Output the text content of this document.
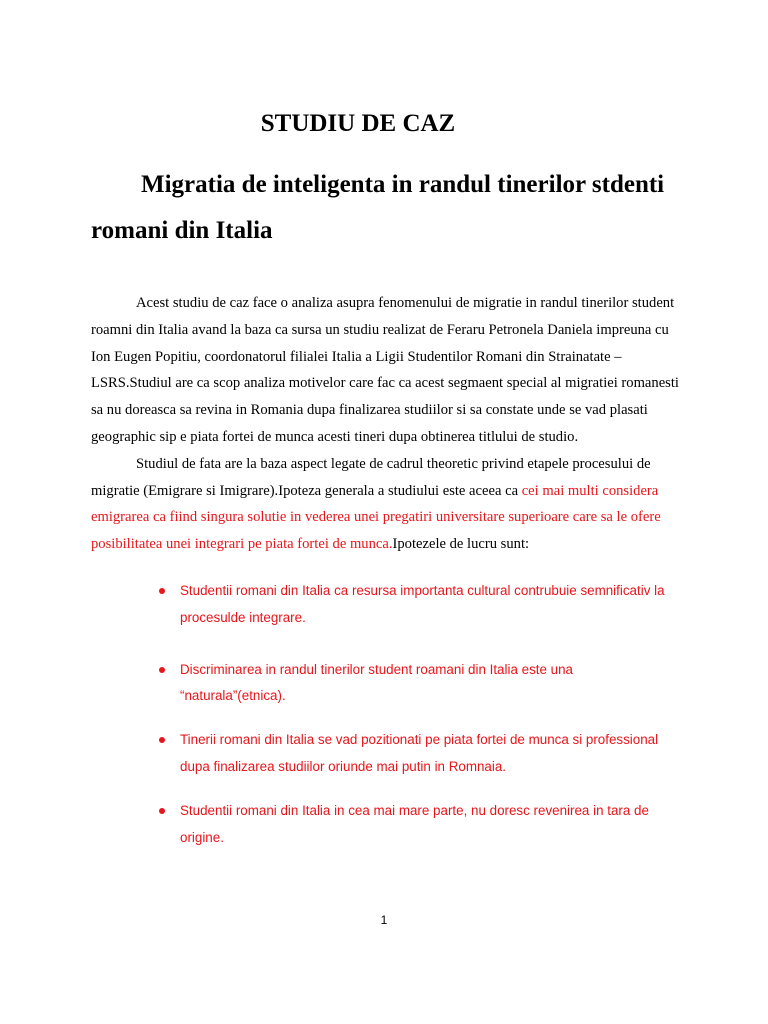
STUDIU DE CAZ
Migratia de inteligenta in randul tinerilor stdenti
romani din Italia

Acest studiu de caz face o analiza asupra fenomenului de migratie in randul tinerilor student roamni din Italia avand la baza ca sursa un studiu realizat de Feraru Petronela Daniela impreuna cu Ion Eugen Popitiu, coordonatorul filialei Italia a Ligii Studentilor Romani din Strainatate –LSRS.Studiul are ca scop analiza motivelor care fac ca acest segmaent special al migratiei romanesti sa nu doreasca sa revina in Romania dupa finalizarea studiilor si sa constate unde se vad plasati geographic sip e piata fortei de munca acesti tineri dupa obtinerea titlului de studio.

Studiul de fata are la baza aspect legate de cadrul theoretic privind etapele procesului de migratie (Emigrare si Imigrare).Ipoteza generala a studiului este aceea ca cei mai multi considera emigrarea ca fiind singura solutie in vederea unei pregatiri universitare superioare care sa le ofere posibilitatea unei integrari pe piata fortei de munca.Ipotezele de lucru sunt:

Studentii romani din Italia ca resursa importanta cultural contrubuie semnificativ la procesulde integrare.
Discriminarea in randul tinerilor student roamani din Italia este una “naturala”(etnica).
Tinerii romani din Italia se vad pozitionati pe piata fortei de munca si professional dupa finalizarea studiilor oriunde mai putin in Romnaia.
Studentii romani din Italia in cea mai mare parte, nu doresc revenirea in tara de origine.
1
